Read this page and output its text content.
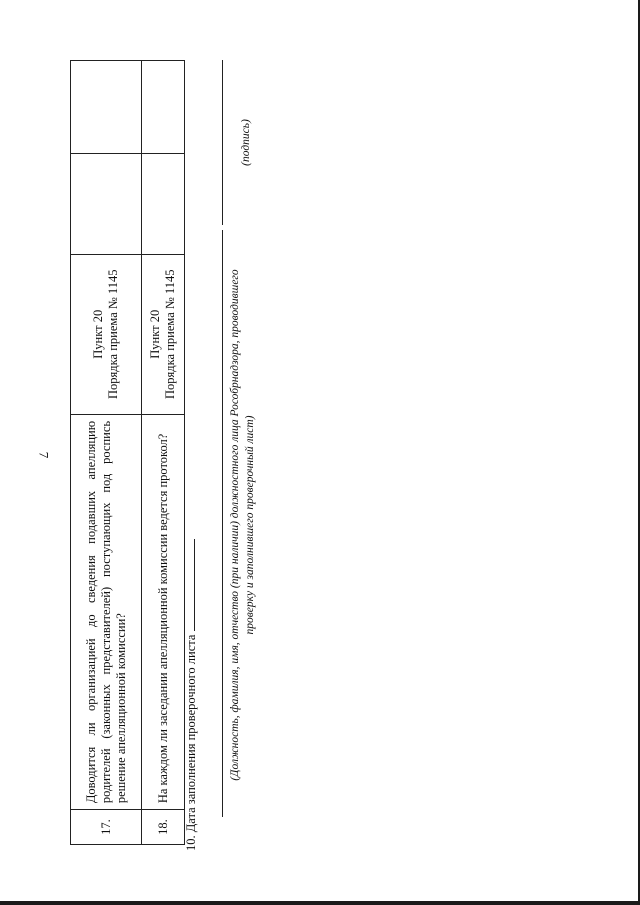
7
17.	Доводится ли организацией до сведения подавших апелляцию родителей (законных представителей) поступающих под роспись решение апелляционной комиссии?	Пункт 20 Порядка приема № 1145		

18.	На каждом ли заседании апелляционной комиссии ведется протокол?	Пункт 20 Порядка приема № 1145		

10. Дата заполнения проверочного листа	(Должность, фамилия, имя, отчество (при наличии) должностного лица Рособрнадзора, проводившего проверку и заполнившего проверочный лист)
(подпись)
